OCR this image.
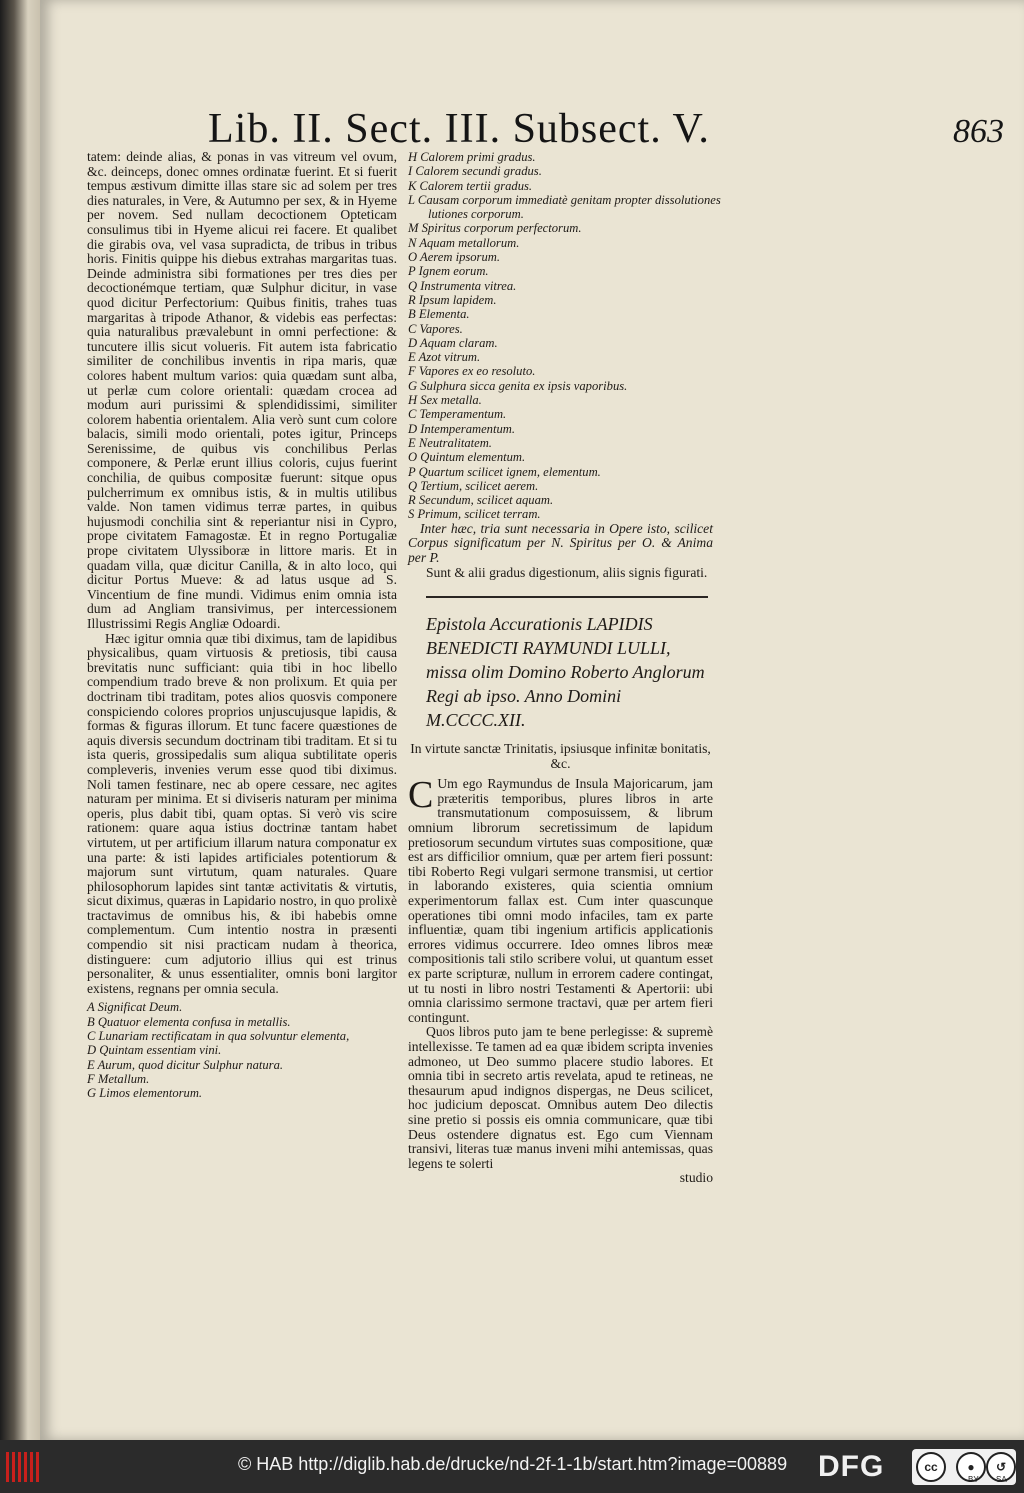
Lib. II. Sect. III. Subsect. V.	863

tatem: deinde alias, & ponas in vas vitreum vel ovum, &c. deinceps, donec omnes ordinatæ fuerint. Et si fuerit tempus æstivum dimitte illas stare sic ad solem per tres dies naturales, in Vere, & Autumno per sex, & in Hyeme per novem. Sed nullam decoctionem Opteticam consulimus tibi in Hyeme alicui rei facere. Et qualibet die girabis ova, vel vasa supradicta, de tribus in tribus horis. Finitis quippe his diebus extrahas margaritas tuas. Deinde administra sibi formationes per tres dies per decoctionémque tertiam, quæ Sulphur dicitur, in vase quod dicitur Perfectorium: Quibus finitis, trahes tuas margaritas à tripode Athanor, & videbis eas perfectas: quia naturalibus prævalebunt in omni perfectione: & tuncutere illis sicut volueris. Fit autem ista fabricatio similiter de conchilibus inventis in ripa maris, quæ colores habent multum varios: quia quædam sunt alba, ut perlæ cum colore orientali: quædam crocea ad modum auri purissimi & splendidissimi, similiter colorem habentia orientalem. Alia verò sunt cum colore balacis, simili modo orientali, potes igitur, Princeps Serenissime, de quibus vis conchilibus Perlas componere, & Perlæ erunt illius coloris, cujus fuerint conchilia, de quibus compositæ fuerunt: sitque opus pulcherrimum ex omnibus istis, & in multis utilibus valde. Non tamen vidimus terræ partes, in quibus hujusmodi conchilia sint & reperiantur nisi in Cypro, prope civitatem Famagostæ. Et in regno Portugaliæ prope civitatem Ulyssiboræ in littore maris. Et in quadam villa, quæ dicitur Canilla, & in alto loco, qui dicitur Portus Mueve: & ad latus usque ad S. Vincentium de fine mundi. Vidimus enim omnia ista dum ad Angliam transivimus, per intercessionem Illustrissimi Regis Angliæ Odoardi.

Hæc igitur omnia quæ tibi diximus, tam de lapidibus physicalibus, quam virtuosis & pretiosis, tibi causa brevitatis nunc sufficiant: quia tibi in hoc libello compendium trado breve & non prolixum. Et quia per doctrinam tibi traditam, potes alios quosvis componere conspiciendo colores proprios unjuscujusque lapidis, & formas & figuras illorum. Et tunc facere quæstiones de aquis diversis secundum doctrinam tibi traditam. Et si tu ista queris, grossipedalis sum aliqua subtilitate operis compleveris, invenies verum esse quod tibi diximus. Noli tamen festinare, nec ab opere cessare, nec agites naturam per minima. Et si diviseris naturam per minima operis, plus dabit tibi, quam optas. Si verò vis scire rationem: quare aqua istius doctrinæ tantam habet virtutem, ut per artificium illarum natura componatur ex una parte: & isti lapides artificiales potentiorum & majorum sunt virtutum, quam naturales. Quare philosophorum lapides sint tantæ activitatis & virtutis, sicut diximus, quæras in Lapidario nostro, in quo prolixè tractavimus de omnibus his, & ibi habebis omne complementum. Cum intentio nostra in præsenti compendio sit nisi practicam nudam à theorica, distinguere: cum adjutorio illius qui est trinus personaliter, & unus essentialiter, omnis boni largitor existens, regnans per omnia secula.

A Significat Deum.

B Quatuor elementa confusa in metallis.

C Lunariam rectificatam in qua solvuntur elementa,

D Quintam essentiam vini.

E Aurum, quod dicitur Sulphur natura.

F Metallum.

G Limos elementorum.

H Calorem primi gradus.

I Calorem secundi gradus.

K Calorem tertii gradus.

L Causam corporum immediatè genitam propter dissolutiones

lutiones corporum.

M Spiritus corporum perfectorum.

N Aquam metallorum.

O Aerem ipsorum.

P Ignem eorum.

Q Instrumenta vitrea.

R Ipsum lapidem.

B Elementa.

C Vapores.

D Aquam claram.

E Azot vitrum.

F Vapores ex eo resoluto.

G Sulphura sicca genita ex ipsis vaporibus.

H Sex metalla.

C Temperamentum.

D Intemperamentum.

E Neutralitatem.

O Quintum elementum.

P Quartum scilicet ignem, elementum.

Q Tertium, scilicet aerem.

R Secundum, scilicet aquam.

S Primum, scilicet terram.

Inter hæc, tria sunt necessaria in Opere isto, scilicet Corpus significatum per N. Spiritus per O. & Anima per P.

Sunt & alii gradus digestionum, aliis signis figurati.

Epistola Accurationis LAPIDIS BENEDICTI RAYMUNDI LULLI, missa olim Domino Roberto Anglorum Regi ab ipso. Anno Domini M.CCCC.XII.

In virtute sanctæ Trinitatis, ipsiusque infinitæ bonitatis, &c.

C Um ego Raymundus de Insula Majoricarum, jam præteritis temporibus, plures libros in arte transmutationum composuissem, & librum omnium librorum secretissimum de lapidum pretiosorum secundum virtutes suas compositione, quæ est ars difficilior omnium, quæ per artem fieri possunt: tibi Roberto Regi vulgari sermone transmisi, ut certior in laborando existeres, quia scientia omnium experimentorum fallax est. Cum inter quascunque operationes tibi omni modo infaciles, tam ex parte influentiæ, quam tibi ingenium artificis applicationis errores vidimus occurrere. Ideo omnes libros meæ compositionis tali stilo scribere volui, ut quantum esset ex parte scripturæ, nullum in errorem cadere contingat, ut tu nosti in libro nostri Testamenti & Apertorii: ubi omnia clarissimo sermone tractavi, quæ per artem fieri contingunt.

Quos libros puto jam te bene perlegisse: & supremè intellexisse. Te tamen ad ea quæ ibidem scripta invenies admoneo, ut Deo summo placere studio labores. Et omnia tibi in secreto artis revelata, apud te retineas, ne thesaurum apud indignos dispergas, ne Deus scilicet, hoc judicium deposcat. Omnibus autem Deo dilectis sine pretio si possis eis omnia communicare, quæ tibi Deus ostendere dignatus est. Ego cum Viennam transivi, literas tuæ manus inveni mihi antemissas, quas legens te solerti

studio

© HAB http://diglib.hab.de/drucke/nd-2f-1-1b/start.htm?image=00889 DFG	cc	●	↺
BY SA
